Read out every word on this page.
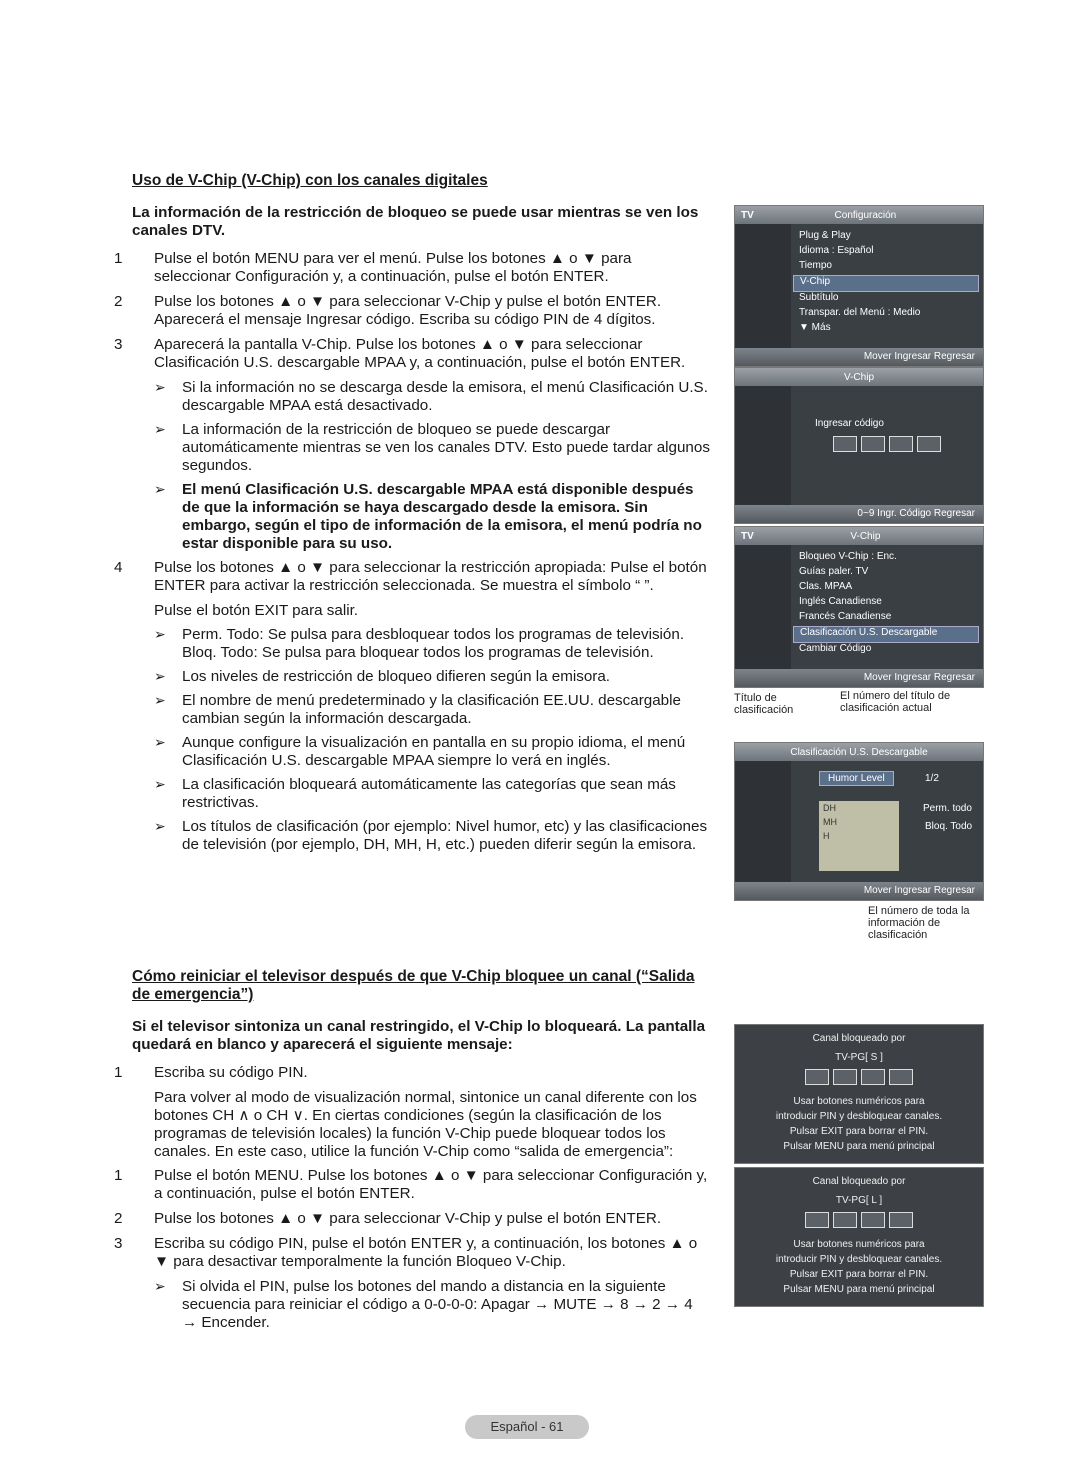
Uso de V-Chip (V-Chip) con los canales digitales
La información de la restricción de bloqueo se puede usar mientras se ven los canales DTV.
1 Pulse el botón MENU para ver el menú. Pulse los botones ▲ o ▼ para seleccionar Configuración y, a continuación, pulse el botón ENTER.
2 Pulse los botones ▲ o ▼ para seleccionar V-Chip y pulse el botón ENTER. Aparecerá el mensaje Ingresar código. Escriba su código PIN de 4 dígitos.
3 Aparecerá la pantalla V-Chip. Pulse los botones ▲ o ▼ para seleccionar Clasificación U.S. descargable MPAA y, a continuación, pulse el botón ENTER.
➢ Si la información no se descarga desde la emisora, el menú Clasificación U.S. descargable MPAA está desactivado.
➢ La información de la restricción de bloqueo se puede descargar automáticamente mientras se ven los canales DTV. Esto puede tardar algunos segundos.
➢ El menú Clasificación U.S. descargable MPAA está disponible después de que la información se haya descargado desde la emisora. Sin embargo, según el tipo de información de la emisora, el menú podría no estar disponible para su uso.
4 Pulse los botones ▲ o ▼ para seleccionar la restricción apropiada: Pulse el botón ENTER para activar la restricción seleccionada. Se muestra el símbolo “ ”.
Pulse el botón EXIT para salir.
➢ Perm. Todo: Se pulsa para desbloquear todos los programas de televisión.
Bloq. Todo: Se pulsa para bloquear todos los programas de televisión.
➢ Los niveles de restricción de bloqueo difieren según la emisora.
➢ El nombre de menú predeterminado y la clasificación EE.UU. descargable cambian según la información descargada.
➢ Aunque configure la visualización en pantalla en su propio idioma, el menú Clasificación U.S. descargable MPAA siempre lo verá en inglés.
➢ La clasificación bloqueará automáticamente las categorías que sean más restrictivas.
➢ Los títulos de clasificación (por ejemplo: Nivel humor, etc) y las clasificaciones de televisión (por ejemplo, DH, MH, H, etc.) pueden diferir según la emisora.
Cómo reiniciar el televisor después de que V-Chip bloquee un canal (“Salida de emergencia”)
Si el televisor sintoniza un canal restringido, el V-Chip lo bloqueará. La pantalla quedará en blanco y aparecerá el siguiente mensaje:
1 Escriba su código PIN.
Para volver al modo de visualización normal, sintonice un canal diferente con los botones CH ∧ o CH ∨. En ciertas condiciones (según la clasificación de los programas de televisión locales) la función V-Chip puede bloquear todos los canales. En este caso, utilice la función V-Chip como “salida de emergencia”:
1 Pulse el botón MENU. Pulse los botones ▲ o ▼ para seleccionar Configuración y, a continuación, pulse el botón ENTER.
2 Pulse los botones ▲ o ▼ para seleccionar V-Chip y pulse el botón ENTER.
3 Escriba su código PIN, pulse el botón ENTER y, a continuación, los botones ▲ o ▼ para desactivar temporalmente la función Bloqueo V-Chip.
➢ Si olvida el PIN, pulse los botones del mando a distancia en la siguiente secuencia para reiniciar el código a 0-0-0-0: Apagar → MUTE → 8 → 2 → 4 → Encender.
TV	Configuración
Plug & Play
Idioma : Español
Tiempo
V-Chip
Subtítulo
Transpar. del Menú : Medio
▼ Más
Mover Ingresar Regresar
V-Chip
Ingresar código
0~9 Ingr. Código Regresar
TV	V-Chip
Bloqueo V-Chip : Enc.
Guías paler. TV
Clas. MPAA
Inglés Canadiense
Francés Canadiense
Clasificación U.S. Descargable
Cambiar Código
Mover Ingresar Regresar
Título de clasificación
El número del título de clasificación actual
Clasificación U.S. Descargable
Humor Level	1/2
DH
MH
H
Perm. todo
Bloq. Todo
Mover Ingresar Regresar
El número de toda la información de clasificación
Canal bloqueado por
TV-PG[ S ]
Usar botones numéricos para
introducir PIN y desbloquear canales.
Pulsar EXIT para borrar el PIN.
Pulsar MENU para menú principal
Canal bloqueado por
TV-PG[ L ]
Usar botones numéricos para
introducir PIN y desbloquear canales.
Pulsar EXIT para borrar el PIN.
Pulsar MENU para menú principal
Español - 61
